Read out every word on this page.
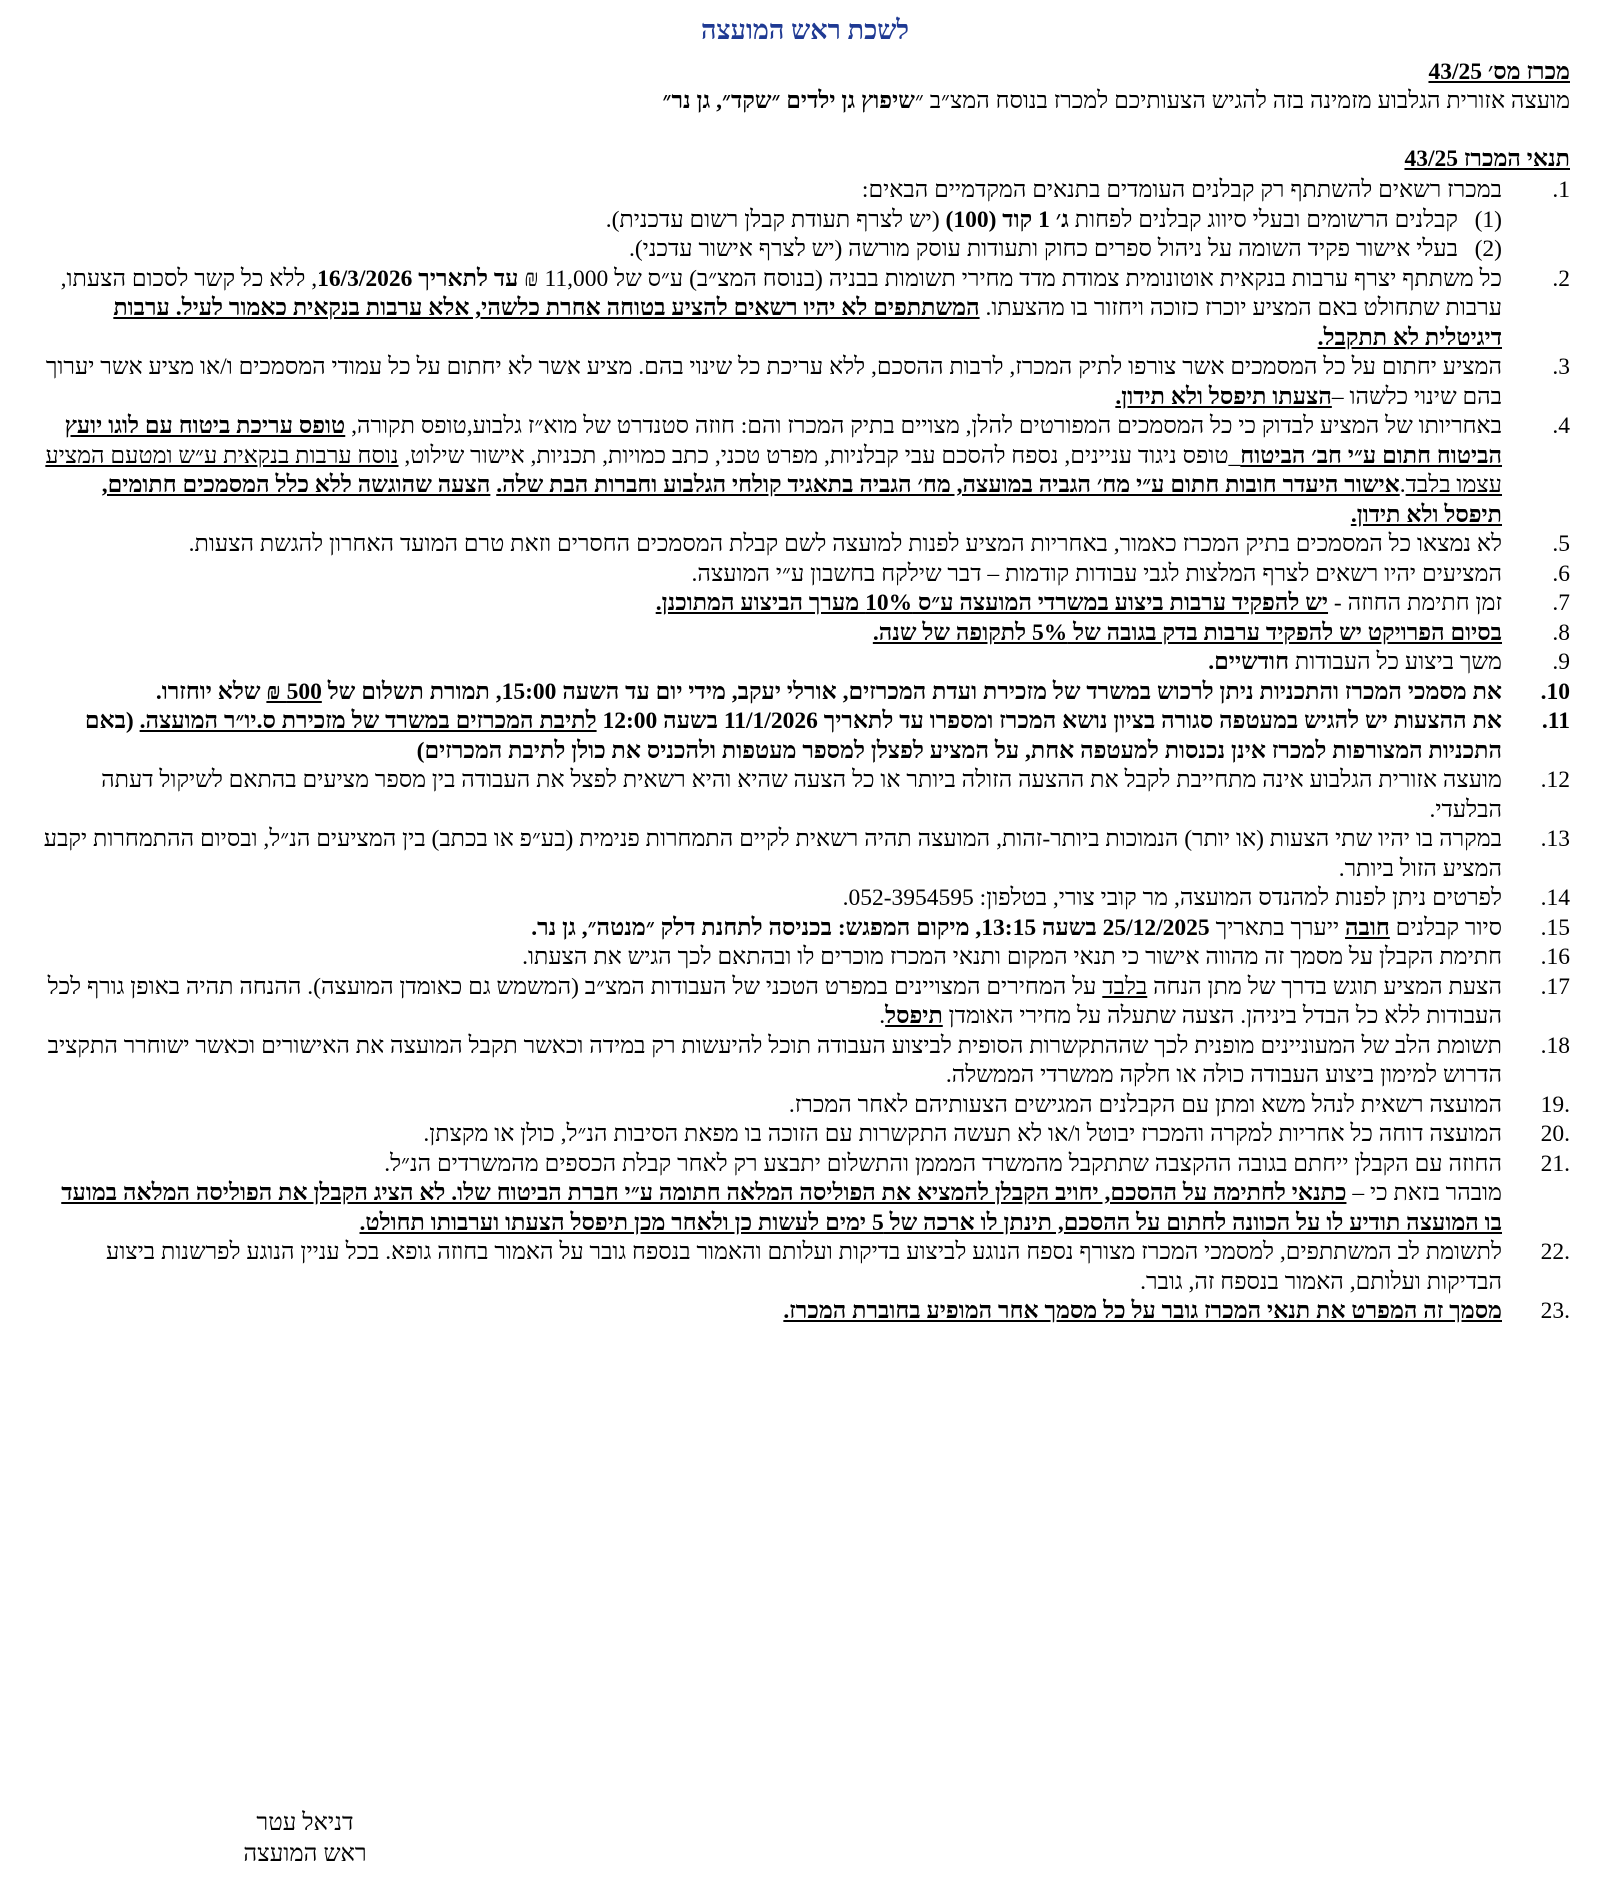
לשכת ראש המועצה

מכרז מס׳ 43/25

מועצה אזורית הגלבוע מזמינה בזה להגיש הצעותיכם למכרז בנוסח המצ״ב ״שיפוץ גן ילדים ״שקד״, גן נר״

תנאי המכרז 43/25

1.
במכרז רשאים להשתתף רק קבלנים העומדים בתנאים המקדמיים הבאים:
(1)
קבלנים הרשומים ובעלי סיווג קבלנים לפחות ג׳ 1 קוד (100) (יש לצרף תעודת קבלן רשום עדכנית).
(2)
בעלי אישור פקיד השומה על ניהול ספרים כחוק ותעודות עוסק מורשה (יש לצרף אישור עדכני).
2.
כל משתתף יצרף ערבות בנקאית אוטונומית צמודת מדד מחירי תשומות בבניה (בנוסח המצ״ב) ע״ס של 11,000 ₪ עד לתאריך 16/3/2026, ללא כל קשר לסכום הצעתו, ערבות שתחולט באם המציע יוכרז כזוכה ויחזור בו מהצעתו. המשתתפים לא יהיו רשאים להציע בטוחה אחרת כלשהי, אלא ערבות בנקאית כאמור לעיל. ערבות דיגיטלית לא תתקבל.
3.
המציע יחתום על כל המסמכים אשר צורפו לתיק המכרז, לרבות ההסכם, ללא עריכת כל שינוי בהם. מציע אשר לא יחתום על כל עמודי המסמכים ו/או מציע אשר יערוך בהם שינוי כלשהו –הצעתו תיפסל ולא תידון.
4.
באחריותו של המציע לבדוק כי כל המסמכים המפורטים להלן, מצויים בתיק המכרז והם: חוזה סטנדרט של מוא״ז גלבוע,טופס תקורה, טופס עריכת ביטוח עם לוגו יועץ הביטוח חתום ע״י חב׳ הביטוח_טופס ניגוד עניינים, נספח להסכם עבי קבלניות, מפרט טכני, כתב כמויות, תכניות, אישור שילוט, נוסח ערבות בנקאית ע״ש ומטעם המציע עצמו בלבד.אישור היעדר חובות חתום ע״י מח׳ הגביה במועצה, מח׳ הגביה בתאגיד קולחי הגלבוע וחברות הבת שלה. הצעה שהוגשה ללא כלל המסמכים חתומים, תיפסל ולא תידון.
5.
לא נמצאו כל המסמכים בתיק המכרז כאמור, באחריות המציע לפנות למועצה לשם קבלת המסמכים החסרים וזאת טרם המועד האחרון להגשת הצעות.
6.
המציעים יהיו רשאים לצרף המלצות לגבי עבודות קודמות – דבר שילקח בחשבון ע״י המועצה.
7.
זמן חתימת החוזה - יש להפקיד ערבות ביצוע במשרדי המועצה ע״ס 10% מערך הביצוע המתוכנן.
8.
בסיום הפרויקט יש להפקיד ערבות בדק בגובה של 5% לתקופה של שנה.
9.
משך ביצוע כל העבודות חודשיים.
10.
את מסמכי המכרז והתכניות ניתן לרכוש במשרד של מזכירת ועדת המכרזים, אורלי יעקב, מידי יום עד השעה 15:00, תמורת תשלום של 500 ₪ שלא יוחזרו.
11.
את ההצעות יש להגיש במעטפה סגורה בציון נושא המכרז ומספרו עד לתאריך 11/1/2026 בשעה 12:00 לתיבת המכרזים במשרד של מזכירת ס.יו״ר המועצה. (באם התכניות המצורפות למכרז אינן נכנסות למעטפה אחת, על המציע לפצלן למספר מעטפות ולהכניס את כולן לתיבת המכרזים)
12.
מועצה אזורית הגלבוע אינה מתחייבת לקבל את ההצעה הזולה ביותר או כל הצעה שהיא והיא רשאית לפצל את העבודה בין מספר מציעים בהתאם לשיקול דעתה הבלעדי.
13.
במקרה בו יהיו שתי הצעות (או יותר) הנמוכות ביותר-זהות, המועצה תהיה רשאית לקיים התמחרות פנימית (בע״פ או בכתב) בין המציעים הנ״ל, ובסיום ההתמחרות יקבע המציע הזול ביותר.
14.
לפרטים ניתן לפנות למהנדס המועצה, מר קובי צורי, בטלפון: 052-3954595.
15.
סיור קבלנים חובה ייערך בתאריך 25/12/2025 בשעה 13:15, מיקום המפגש: בכניסה לתחנת דלק ״מנטה״, גן נר.
16.
חתימת הקבלן על מסמך זה מהווה אישור כי תנאי המקום ותנאי המכרז מוכרים לו ובהתאם לכך הגיש את הצעתו.
17.
הצעת המציע תוגש בדרך של מתן הנחה בלבד על המחירים המצויינים במפרט הטכני של העבודות המצ״ב (המשמש גם כאומדן המועצה). ההנחה תהיה באופן גורף לכל העבודות ללא כל הבדל ביניהן. הצעה שתעלה על מחירי האומדן תיפסל.
18.
תשומת הלב של המעוניינים מופנית לכך שההתקשרות הסופית לביצוע העבודה תוכל להיעשות רק במידה וכאשר תקבל המועצה את האישורים וכאשר ישוחרר התקציב הדרוש למימון ביצוע העבודה כולה או חלקה ממשרדי הממשלה.
.19
המועצה רשאית לנהל משא ומתן עם הקבלנים המגישים הצעותיהם לאחר המכרז.
.20
המועצה דוחה כל אחריות למקרה והמכרז יבוטל ו/או לא תעשה התקשרות עם הזוכה בו מפאת הסיבות הנ״ל, כולן או מקצתן.
.21
החוזה עם הקבלן ייחתם בגובה ההקצבה שתתקבל מהמשרד המממן והתשלום יתבצע רק לאחר קבלת הכספים מהמשרדים הנ״ל.

מובהר בזאת כי – כתנאי לחתימה על ההסכם, יחויב הקבלן להמציא את הפוליסה המלאה חתומה ע״י חברת הביטוח שלו. לא הציג הקבלן את הפוליסה המלאה במועד בו המועצה תודיע לו על הכוונה לחתום על ההסכם, תינתן לו ארכה של 5 ימים לעשות כן ולאחר מכן תיפסל הצעתו וערבותו תחולט.

.22
לתשומת לב המשתתפים, למסמכי המכרז מצורף נספח הנוגע לביצוע בדיקות ועלותם והאמור בנספח גובר על האמור בחוזה גופא. בכל עניין הנוגע לפרשנות ביצוע הבדיקות ועלותם, האמור בנספח זה, גובר.
.23
מסמך זה המפרט את תנאי המכרז גובר על כל מסמך אחר המופיע בחוברת המכרז.
דניאל עטר
ראש המועצה
